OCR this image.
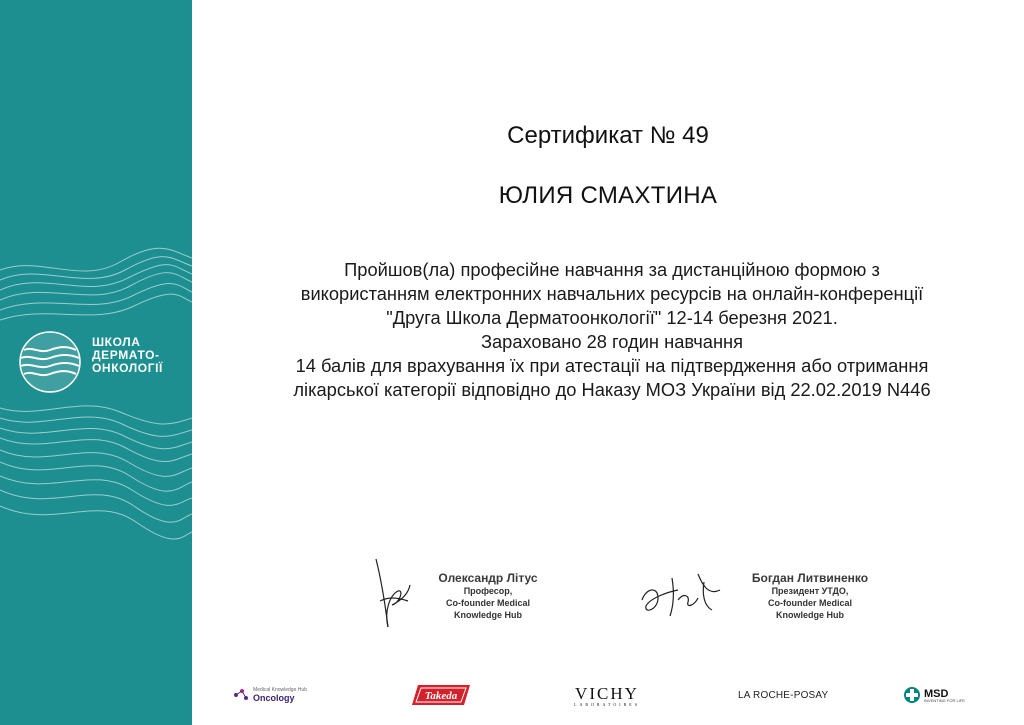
ШКОЛА
ДЕРМАТО-
ОНКОЛОГІЇ
Сертификат № 49
ЮЛИЯ СМАХТИНА

Пройшов(ла) професійне навчання за дистанційною формою з

використанням електронних навчальних ресурсів на онлайн-конференції

"Друга Школа Дерматоонкології" 12-14 березня 2021.

Зараховано 28 годин навчання

14 балів для врахування їх при атестації на підтвердження або отримання

лікарської категорії відповідно до Наказу МОЗ України від 22.02.2019 N446

Олександр Літус
Професор,
Co-founder Medical
Knowledge Hub
Богдан Литвиненко
Президент УТДО,
Co-founder Medical
Knowledge Hub
Medical Knowledge Hub
Oncology	Takeda	VICHY
LABORATOIRES
LA ROCHE-POSAY	MSD
INVENTING FOR LIFE
